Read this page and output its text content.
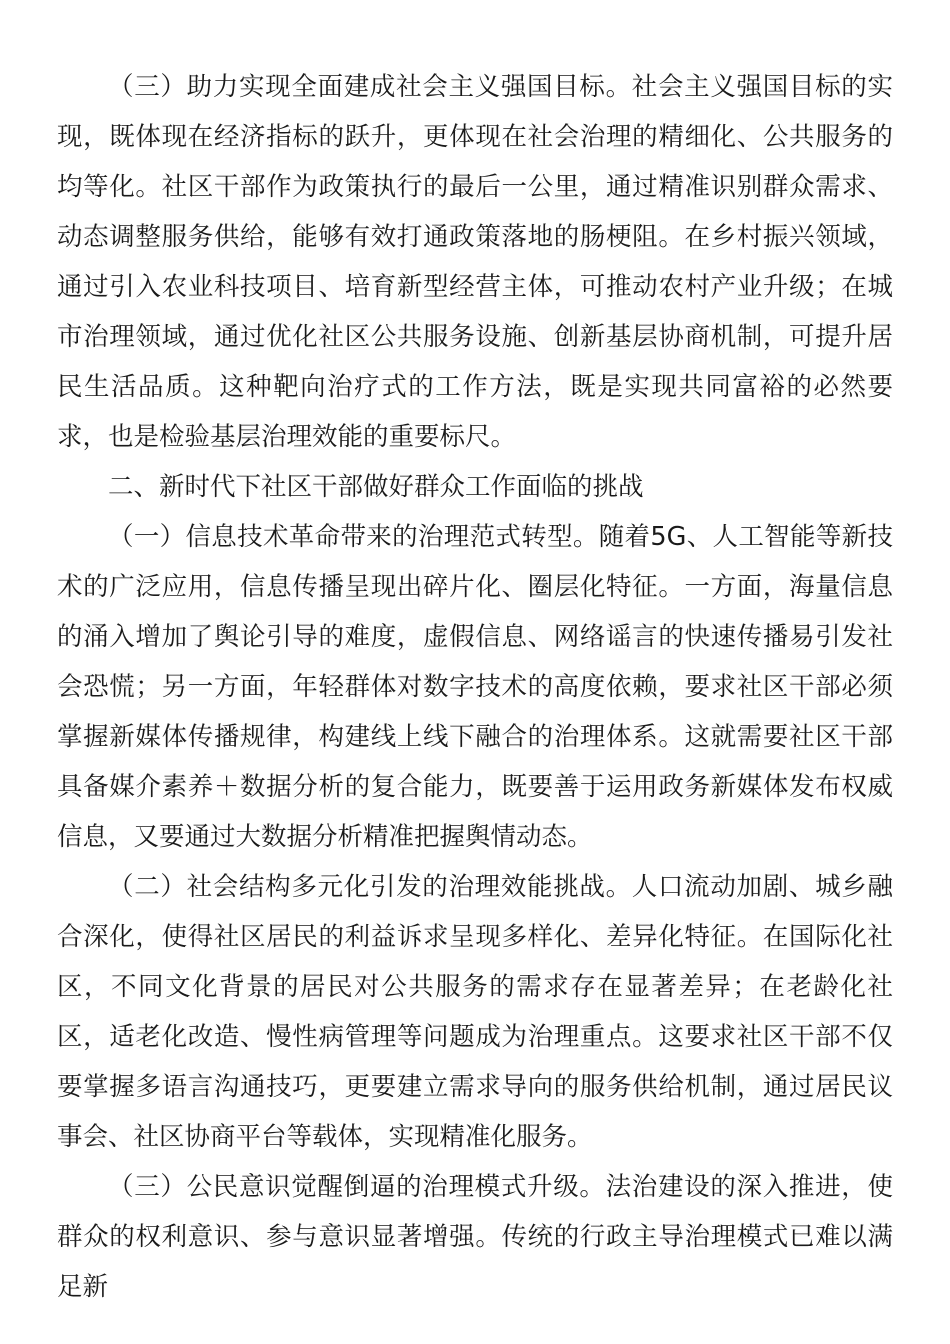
（三）助力实现全面建成社会主义强国目标。社会主义强国目标的实现，既体现在经济指标的跃升，更体现在社会治理的精细化、公共服务的均等化。社区干部作为政策执行的最后一公里，通过精准识别群众需求、动态调整服务供给，能够有效打通政策落地的肠梗阻。在乡村振兴领域，通过引入农业科技项目、培育新型经营主体，可推动农村产业升级；在城市治理领域，通过优化社区公共服务设施、创新基层协商机制，可提升居民生活品质。这种靶向治疗式的工作方法，既是实现共同富裕的必然要求，也是检验基层治理效能的重要标尺。

二、新时代下社区干部做好群众工作面临的挑战

（一）信息技术革命带来的治理范式转型。随着5G、人工智能等新技术的广泛应用，信息传播呈现出碎片化、圈层化特征。一方面，海量信息的涌入增加了舆论引导的难度，虚假信息、网络谣言的快速传播易引发社会恐慌；另一方面，年轻群体对数字技术的高度依赖，要求社区干部必须掌握新媒体传播规律，构建线上线下融合的治理体系。这就需要社区干部具备媒介素养＋数据分析的复合能力，既要善于运用政务新媒体发布权威信息，又要通过大数据分析精准把握舆情动态。

（二）社会结构多元化引发的治理效能挑战。人口流动加剧、城乡融合深化，使得社区居民的利益诉求呈现多样化、差异化特征。在国际化社区，不同文化背景的居民对公共服务的需求存在显著差异；在老龄化社区，适老化改造、慢性病管理等问题成为治理重点。这要求社区干部不仅要掌握多语言沟通技巧，更要建立需求导向的服务供给机制，通过居民议事会、社区协商平台等载体，实现精准化服务。

（三）公民意识觉醒倒逼的治理模式升级。法治建设的深入推进，使群众的权利意识、参与意识显著增强。传统的行政主导治理模式已难以满足新
